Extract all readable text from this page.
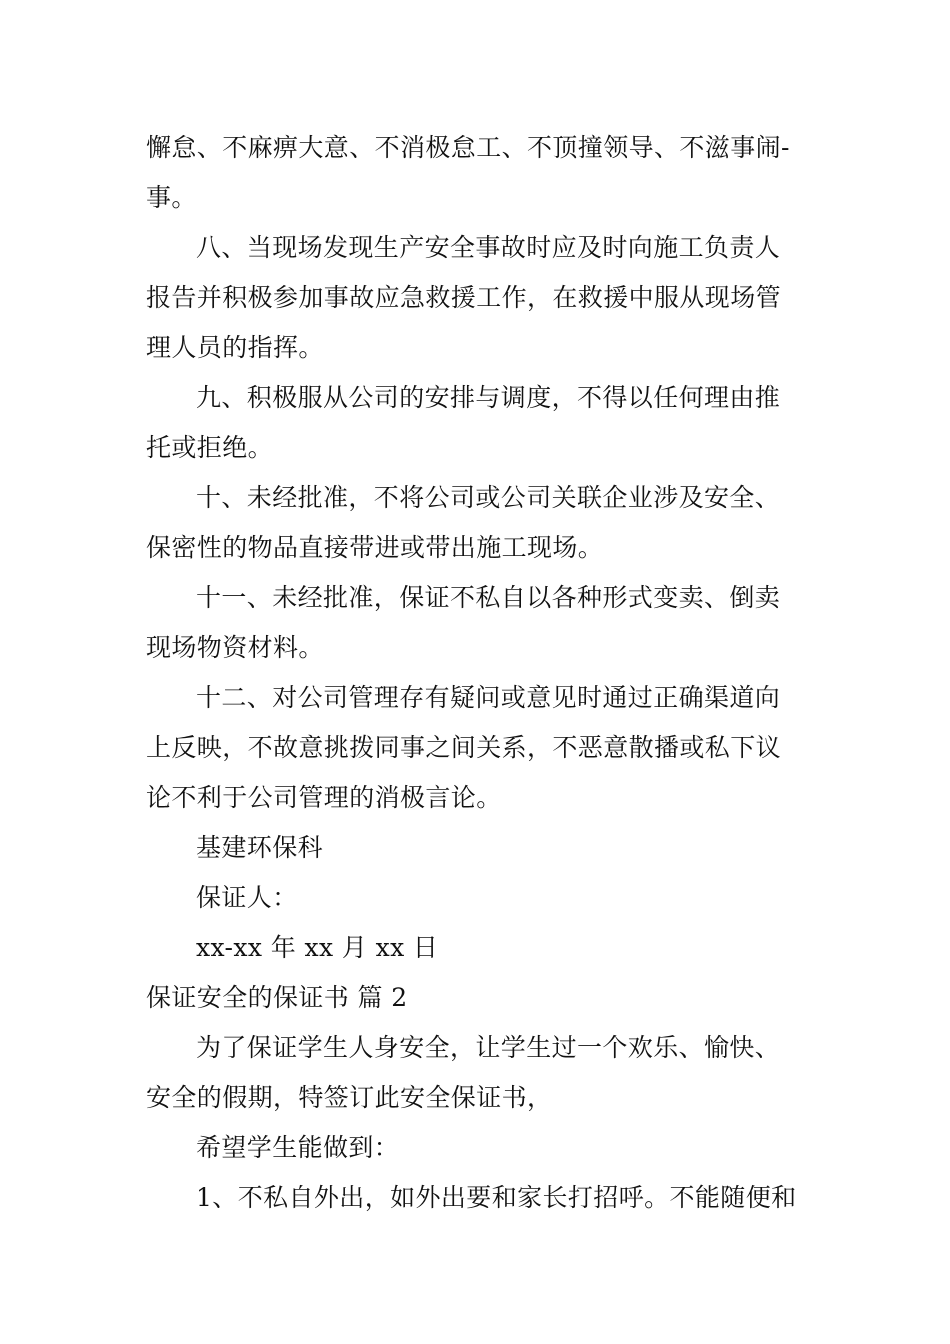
懈怠、不麻痹大意、不消极怠工、不顶撞领导、不滋事闹-
事。
八、当现场发现生产安全事故时应及时向施工负责人
报告并积极参加事故应急救援工作，在救援中服从现场管
理人员的指挥。
九、积极服从公司的安排与调度，不得以任何理由推
托或拒绝。
十、未经批准，不将公司或公司关联企业涉及安全、
保密性的物品直接带进或带出施工现场。
十一、未经批准，保证不私自以各种形式变卖、倒卖
现场物资材料。
十二、对公司管理存有疑问或意见时通过正确渠道向
上反映，不故意挑拨同事之间关系，不恶意散播或私下议
论不利于公司管理的消极言论。
基建环保科
保证人：
xx-xx 年 xx 月 xx 日
保证安全的保证书 篇 2
为了保证学生人身安全，让学生过一个欢乐、愉快、
安全的假期，特签订此安全保证书，
希望学生能做到：
1、不私自外出，如外出要和家长打招呼。不能随便和
